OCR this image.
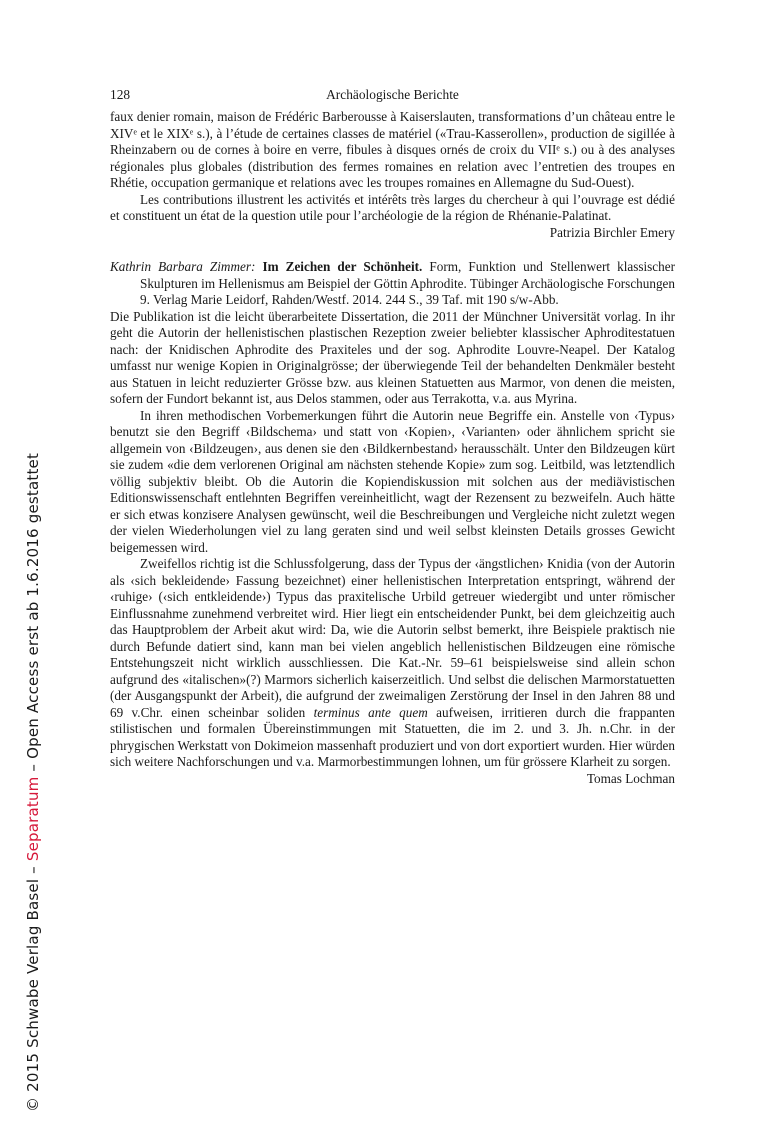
128	Archäologische Berichte

faux denier romain, maison de Frédéric Barberousse à Kaiserslauten, transformations d’un château entre le XIVᵉ et le XIXᵉ s.), à l’étude de certaines classes de matériel («Trau-Kasserollen», production de sigillée à Rheinzabern ou de cornes à boire en verre, fibules à disques ornés de croix du VIIᵉ s.) ou à des analyses régionales plus globales (distribution des fermes romaines en relation avec l’entretien des troupes en Rhétie, occupation germanique et relations avec les troupes romaines en Allemagne du Sud-Ouest).

Les contributions illustrent les activités et intérêts très larges du chercheur à qui l’ouvrage est dédié et constituent un état de la question utile pour l’archéologie de la région de Rhénanie-Palatinat.
Patrizia Birchler Emery

Kathrin Barbara Zimmer: Im Zeichen der Schönheit. Form, Funktion und Stellenwert klassischer Skulpturen im Hellenismus am Beispiel der Göttin Aphrodite. Tübinger Archäologische Forschungen 9. Verlag Marie Leidorf, Rahden/Westf. 2014. 244 S., 39 Taf. mit 190 s/w-Abb.

Die Publikation ist die leicht überarbeitete Dissertation, die 2011 der Münchner Universität vorlag. In ihr geht die Autorin der hellenistischen plastischen Rezeption zweier beliebter klassischer Aphroditestatuen nach: der Knidischen Aphrodite des Praxiteles und der sog. Aphrodite Louvre-Neapel. Der Katalog umfasst nur wenige Kopien in Originalgrösse; der überwiegende Teil der behandelten Denkmäler besteht aus Statuen in leicht reduzierter Grösse bzw. aus kleinen Statuetten aus Marmor, von denen die meisten, sofern der Fundort bekannt ist, aus Delos stammen, oder aus Terrakotta, v.a. aus Myrina.

In ihren methodischen Vorbemerkungen führt die Autorin neue Begriffe ein. Anstelle von ‹Typus› benutzt sie den Begriff ‹Bildschema› und statt von ‹Kopien›, ‹Varianten› oder ähnlichem spricht sie allgemein von ‹Bildzeugen›, aus denen sie den ‹Bildkernbestand› herausschält. Unter den Bildzeugen kürt sie zudem «die dem verlorenen Original am nächsten stehende Kopie» zum sog. Leitbild, was letztendlich völlig subjektiv bleibt. Ob die Autorin die Kopiendiskussion mit solchen aus der mediävistischen Editionswissenschaft entlehnten Begriffen vereinheitlicht, wagt der Rezensent zu bezweifeln. Auch hätte er sich etwas konzisere Analysen gewünscht, weil die Beschreibungen und Vergleiche nicht zuletzt wegen der vielen Wiederholungen viel zu lang geraten sind und weil selbst kleinsten Details grosses Gewicht beigemessen wird.

Zweifellos richtig ist die Schlussfolgerung, dass der Typus der ‹ängstlichen› Knidia (von der Autorin als ‹sich bekleidende› Fassung bezeichnet) einer hellenistischen Interpretation entspringt, während der ‹ruhige› (‹sich entkleidende›) Typus das praxitelische Urbild getreuer wiedergibt und unter römischer Einflussnahme zunehmend verbreitet wird. Hier liegt ein entscheidender Punkt, bei dem gleichzeitig auch das Hauptproblem der Arbeit akut wird: Da, wie die Autorin selbst bemerkt, ihre Beispiele praktisch nie durch Befunde datiert sind, kann man bei vielen angeblich hellenistischen Bildzeugen eine römische Entstehungszeit nicht wirklich ausschliessen. Die Kat.-Nr. 59–61 beispielsweise sind allein schon aufgrund des «italischen»(?) Marmors sicherlich kaiserzeitlich. Und selbst die delischen Marmorstatuetten (der Ausgangspunkt der Arbeit), die aufgrund der zweimaligen Zerstörung der Insel in den Jahren 88 und 69 v.Chr. einen scheinbar soliden terminus ante quem aufweisen, irritieren durch die frappanten stilistischen und formalen Übereinstimmungen mit Statuetten, die im 2. und 3. Jh. n.Chr. in der phrygischen Werkstatt von Dokimeion massenhaft produziert und von dort exportiert wurden. Hier würden sich weitere Nachforschungen und v.a. Marmorbestimmungen lohnen, um für grössere Klarheit zu sorgen.
Tomas Lochman

© 2015 Schwabe Verlag Basel – Separatum – Open Access erst ab 1.6.2016 gestattet
